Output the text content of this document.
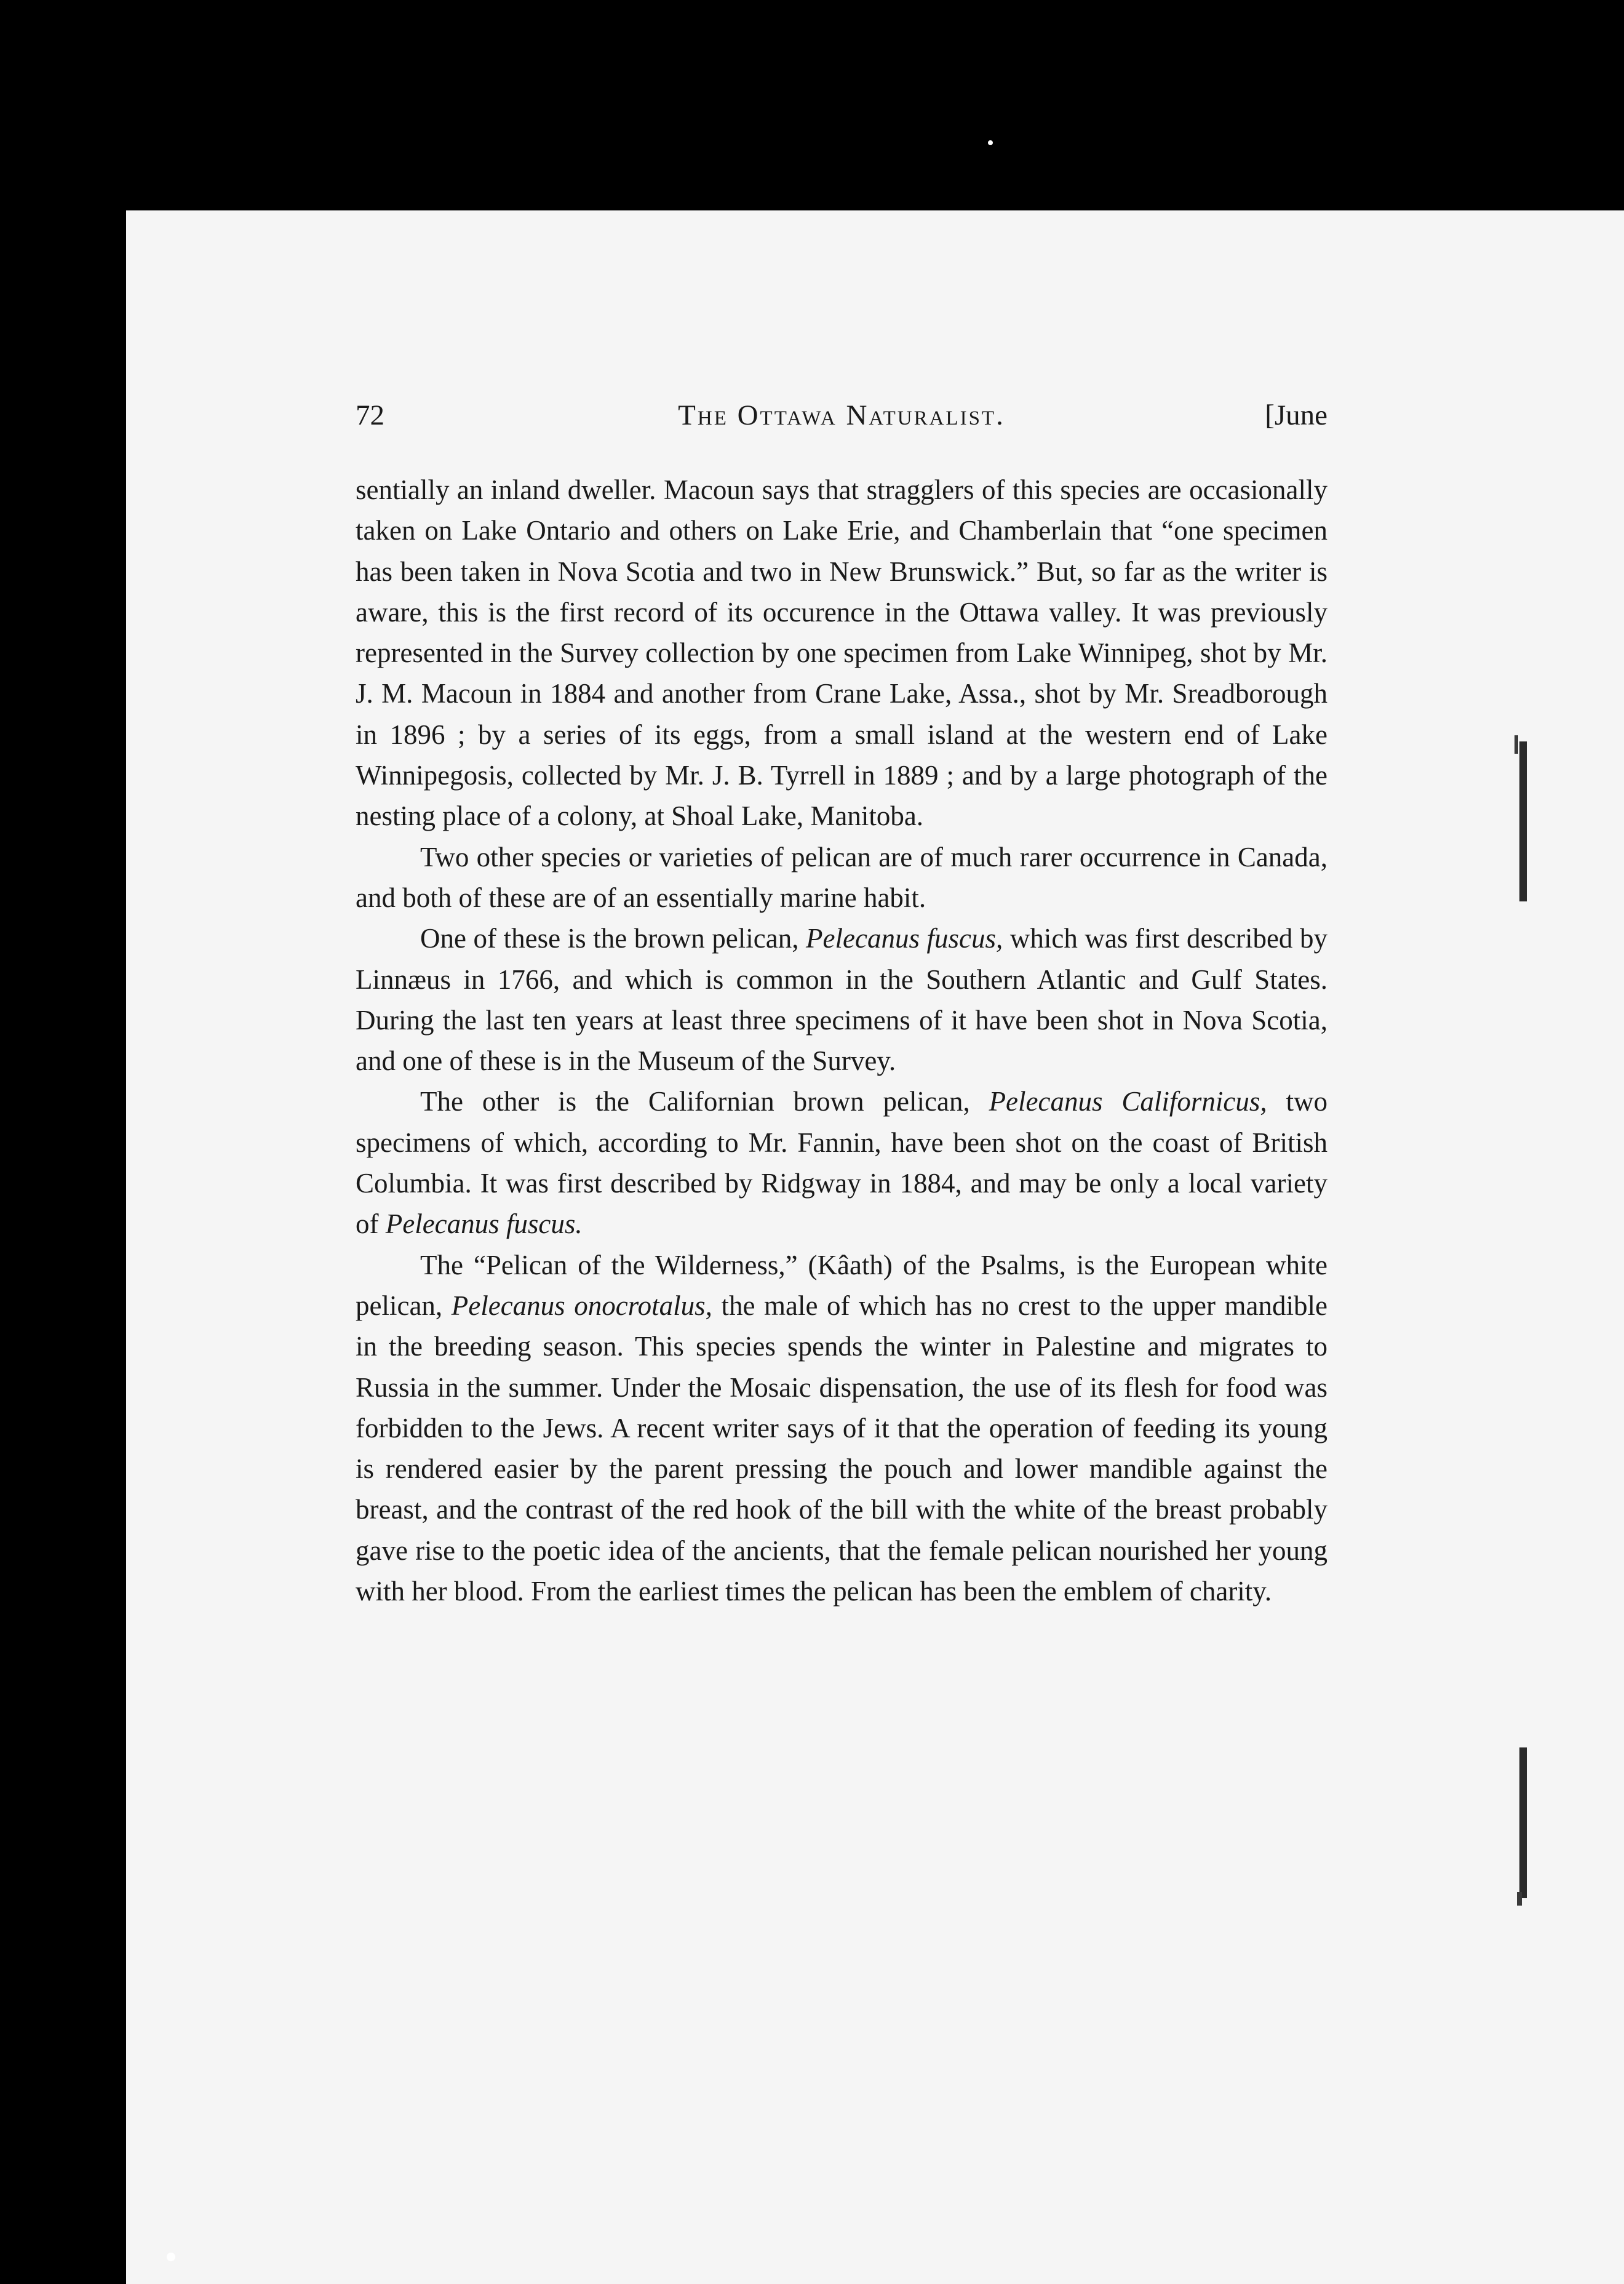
72	The Ottawa Naturalist.	[June

sentially an inland dweller. Macoun says that stragglers of this species are occasionally taken on Lake Ontario and others on Lake Erie, and Chamberlain that “one specimen has been taken in Nova Scotia and two in New Brunswick.” But, so far as the writer is aware, this is the first record of its occurence in the Ottawa valley. It was previously represented in the Survey collection by one specimen from Lake Winnipeg, shot by Mr. J. M. Macoun in 1884 and another from Crane Lake, Assa., shot by Mr. Sreadborough in 1896 ; by a series of its eggs, from a small island at the western end of Lake Winnipegosis, collected by Mr. J. B. Tyrrell in 1889 ; and by a large photograph of the nesting place of a colony, at Shoal Lake, Manitoba.

Two other species or varieties of pelican are of much rarer occurrence in Canada, and both of these are of an essentially marine habit.

One of these is the brown pelican, Pelecanus fuscus, which was first described by Linnæus in 1766, and which is common in the Southern Atlantic and Gulf States. During the last ten years at least three specimens of it have been shot in Nova Scotia, and one of these is in the Museum of the Survey.

The other is the Californian brown pelican, Pelecanus Californicus, two specimens of which, according to Mr. Fannin, have been shot on the coast of British Columbia. It was first described by Ridgway in 1884, and may be only a local variety of Pelecanus fuscus.

The “Pelican of the Wilderness,” (Kâath) of the Psalms, is the European white pelican, Pelecanus onocrotalus, the male of which has no crest to the upper mandible in the breeding season. This species spends the winter in Palestine and migrates to Russia in the summer. Under the Mosaic dispensation, the use of its flesh for food was forbidden to the Jews. A recent writer says of it that the operation of feeding its young is rendered easier by the parent pressing the pouch and lower mandible against the breast, and the contrast of the red hook of the bill with the white of the breast probably gave rise to the poetic idea of the ancients, that the female pelican nourished her young with her blood. From the earliest times the pelican has been the emblem of charity.
